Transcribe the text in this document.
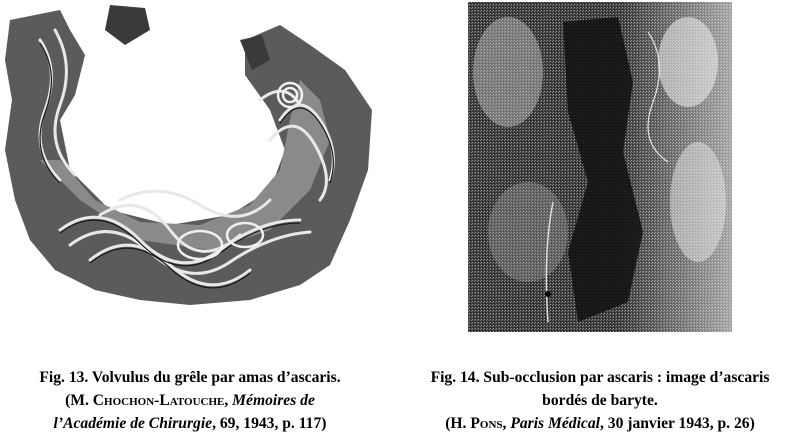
Fig. 13. Volvulus du grêle par amas d’ascaris.
(M. Chochon-Latouche, Mémoires de
l’Académie de Chirurgie, 69, 1943, p. 117)
Fig. 14. Sub-occlusion par ascaris : image d’ascaris
bordés de baryte.
(H. Pons, Paris Médical, 30 janvier 1943, p. 26)
